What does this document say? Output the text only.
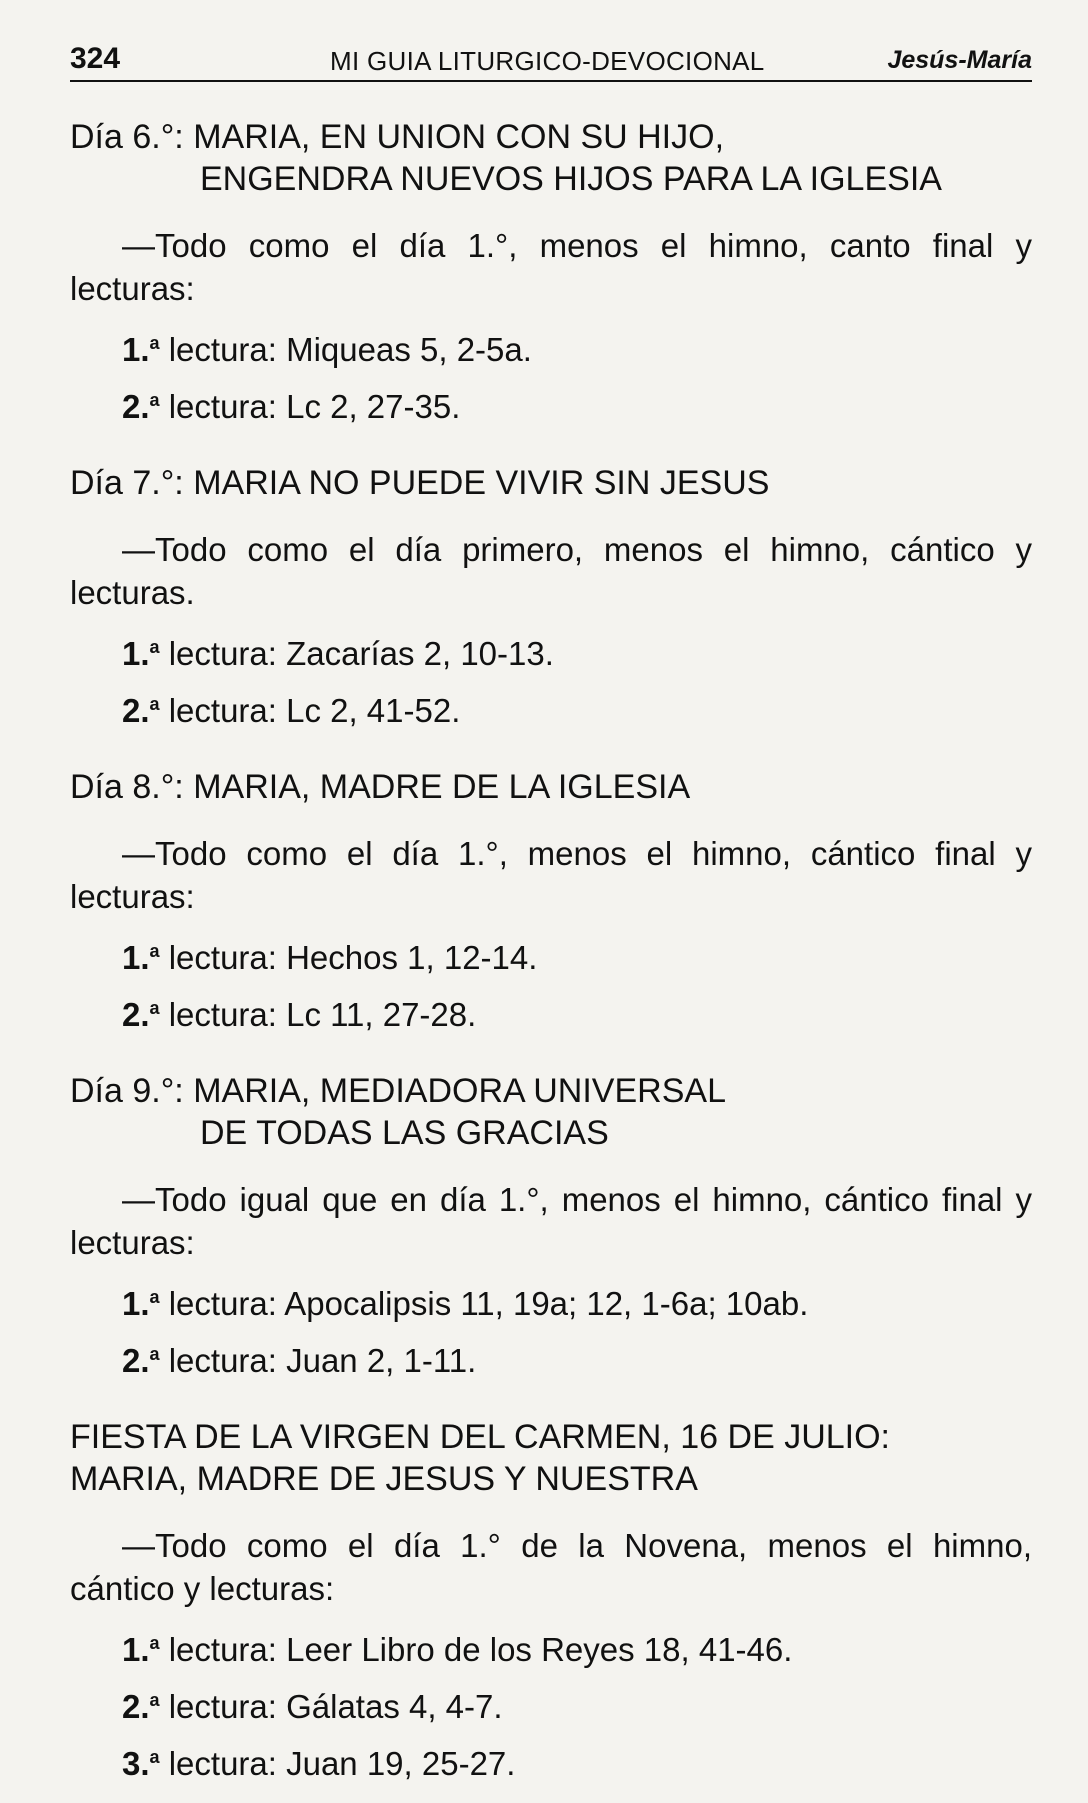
324	MI GUIA LITURGICO-DEVOCIONAL	Jesús-María
Día 6.°: MARIA, EN UNION CON SU HIJO,
ENGENDRA NUEVOS HIJOS PARA LA IGLESIA

—Todo como el día 1.°, menos el himno, canto final y lecturas:

1.$^a$ lectura: Miqueas 5, 2-5a.
2.$^a$ lectura: Lc 2, 27-35.
Día 7.°: MARIA NO PUEDE VIVIR SIN JESUS

—Todo como el día primero, menos el himno, cántico y lecturas.

1.$^a$ lectura: Zacarías 2, 10-13.
2.$^a$ lectura: Lc 2, 41-52.
Día 8.°: MARIA, MADRE DE LA IGLESIA

—Todo como el día 1.°, menos el himno, cántico final y lecturas:

1.$^a$ lectura: Hechos 1, 12-14.
2.$^a$ lectura: Lc 11, 27-28.
Día 9.°: MARIA, MEDIADORA UNIVERSAL
DE TODAS LAS GRACIAS

—Todo igual que en día 1.°, menos el himno, cántico final y lecturas:

1.$^a$ lectura: Apocalipsis 11, 19a; 12, 1-6a; 10ab.
2.$^a$ lectura: Juan 2, 1-11.
FIESTA DE LA VIRGEN DEL CARMEN, 16 DE JULIO:
MARIA, MADRE DE JESUS Y NUESTRA

—Todo como el día 1.° de la Novena, menos el himno, cántico y lecturas:

1.$^a$ lectura: Leer Libro de los Reyes 18, 41-46.
2.$^a$ lectura: Gálatas 4, 4-7.
3.$^a$ lectura: Juan 19, 25-27.
